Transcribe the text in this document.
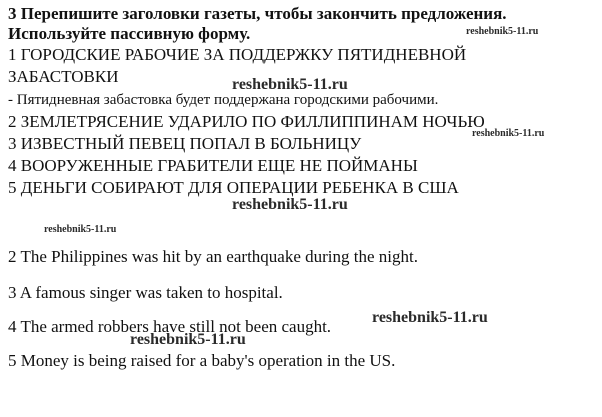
3 Перепишите заголовки газеты, чтобы закончить предложения.
Используйте пассивную форму.
1 ГОРОДСКИЕ РАБОЧИЕ ЗА ПОДДЕРЖКУ ПЯТИДНЕВНОЙ
ЗАБАСТОВКИ
- Пятидневная забастовка будет поддержана городскими рабочими.
2 ЗЕМЛЕТРЯСЕНИЕ УДАРИЛО ПО ФИЛЛИППИНАМ НОЧЬЮ
3 ИЗВЕСТНЫЙ ПЕВЕЦ ПОПАЛ В БОЛЬНИЦУ
4 ВООРУЖЕННЫЕ ГРАБИТЕЛИ ЕЩЕ НЕ ПОЙМАНЫ
5 ДЕНЬГИ СОБИРАЮТ ДЛЯ ОПЕРАЦИИ РЕБЕНКА В США
2 The Philippines was hit by an earthquake during the night.
3 A famous singer was taken to hospital.
4 The armed robbers have still not been caught.
5 Money is being raised for a baby's operation in the US.
reshebnik5-11.ru
reshebnik5-11.ru
reshebnik5-11.ru
reshebnik5-11.ru
reshebnik5-11.ru
reshebnik5-11.ru
reshebnik5-11.ru
